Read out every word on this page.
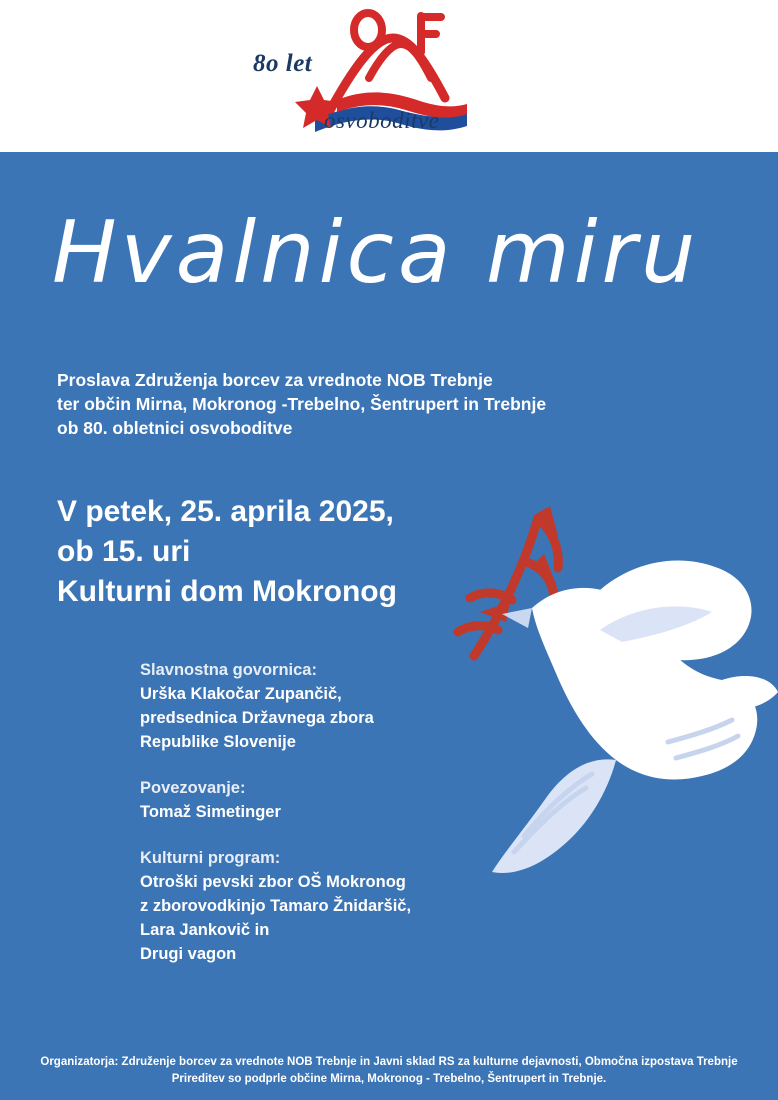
8o let
osvoboditve
Hvalnica miru
Proslava Združenja borcev za vrednote NOB Trebnje
ter občin Mirna, Mokronog -Trebelno, Šentrupert in Trebnje
ob 80. obletnici osvoboditve
V petek, 25. aprila 2025,
ob 15. uri
Kulturni dom Mokronog
Slavnostna govornica:
Urška Klakočar Zupančič,
predsednica Državnega zbora
Republike Slovenije
Povezovanje:
Tomaž Simetinger
Kulturni program:
Otroški pevski zbor OŠ Mokronog
z zborovodkinjo Tamaro Žnidaršič,
Lara Jankovič in
Drugi vagon
Organizatorja: Združenje borcev za vrednote NOB Trebnje in Javni sklad RS za kulturne dejavnosti, Območna izpostava Trebnje
Prireditev so podprle občine Mirna, Mokronog - Trebelno, Šentrupert in Trebnje.
